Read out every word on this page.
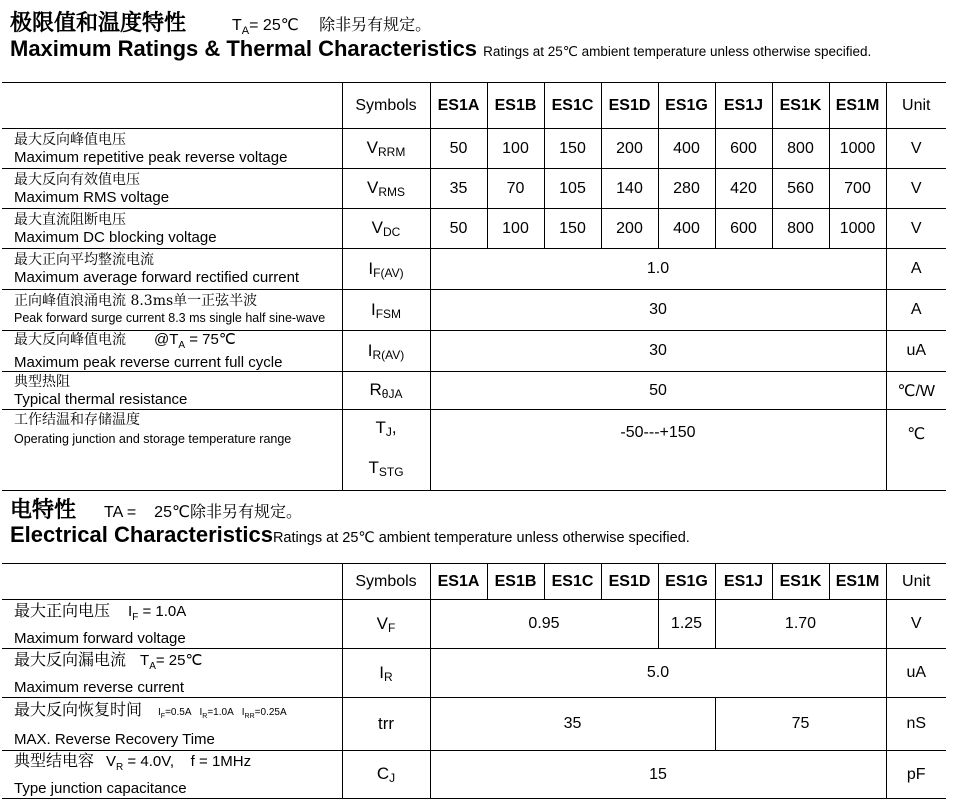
极限值和温度特性	$T_A=$ 25℃ 除非另有规定。
Maximum Ratings & Thermal Characteristics Ratings at 25℃ ambient temperature unless otherwise specified.
	Symbols	ES1A	ES1B	ES1C	ES1D	ES1G	ES1J	ES1K	ES1M	Unit

最大反向峰值电压
Maximum repetitive peak reverse voltage	$V_{RRM}$	50	100	150	200	400	600	800	1000	V

最大反向有效值电压
Maximum RMS voltage	$V_{RMS}$	35	70	105	140	280	420	560	700	V

最大直流阻断电压
Maximum DC blocking voltage	$V_{DC}$	50	100	150	200	400	600	800	1000	V

最大正向平均整流电流
Maximum average forward rectified current	$I_{F(AV)}$	1.0								A

正向峰值浪涌电流 8.3ms单一正弦半波
Peak forward surge current 8.3 ms single half sine-wave	$I_{FSM}$	30								A

最大反向峰值电流 $@T_A$ = 75℃
Maximum peak reverse current full cycle	$I_{R(AV)}$	30								uA

典型热阻
Typical thermal resistance	$R_{\theta JA}$	50								℃/W

工作结温和存储温度
Operating junction and storage temperature range	$T_J$,
$T_{STG}$	-50---+150								℃
电特性 TA = 25℃除非另有规定。
Electrical CharacteristicsRatings at 25℃ ambient temperature unless otherwise specified.
	Symbols	ES1A	ES1B	ES1C	ES1D	ES1G	ES1J	ES1K	ES1M	Unit

最大正向电压 $I_F = 1.0A$
Maximum forward voltage	$V_F$	0.95				1.25	1.70			V

最大反向漏电流 $T_A=$ 25℃
Maximum reverse current	$I_R$	5.0								uA

最大反向恢复时间 $I_F=0.5A$ $I_R=1.0A$ $I_{RR}=0.25A$
MAX. Reverse Recovery Time	trr	35					75			nS

典型结电容 $V_R = 4.0V$,    f = 1MHz
Type junction capacitance	$C_J$	15								pF
